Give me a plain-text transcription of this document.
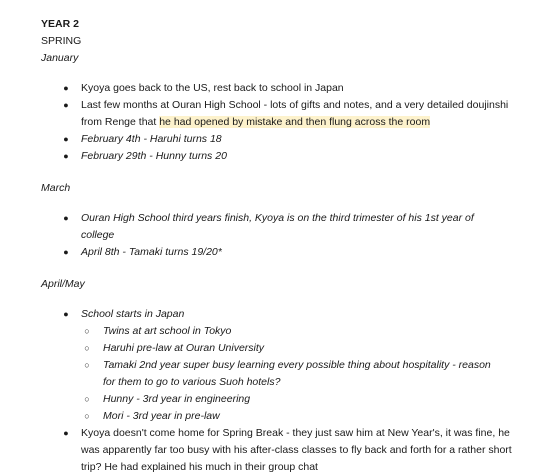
YEAR 2
SPRING
January
● Kyoya goes back to the US, rest back to school in Japan
● Last few months at Ouran High School - lots of gifts and notes, and a very detailed doujinshi from Renge that he had opened by mistake and then flung across the room
● February 4th - Haruhi turns 18
● February 29th - Hunny turns 20
March
● Ouran High School third years finish, Kyoya is on the third trimester of his 1st year of college
● April 8th - Tamaki turns 19/20*
April/May
● School starts in Japan
○	Twins at art school in Tokyo
○	Haruhi pre-law at Ouran University
○	Tamaki 2nd year super busy learning every possible thing about hospitality - reason for them to go to various Suoh hotels?
○	Hunny - 3rd year in engineering
○	Mori - 3rd year in pre-law
● Kyoya doesn't come home for Spring Break - they just saw him at New Year's, it was fine, he was apparently far too busy with his after-class classes to fly back and forth for a rather short trip? He had explained his much in their group chat
